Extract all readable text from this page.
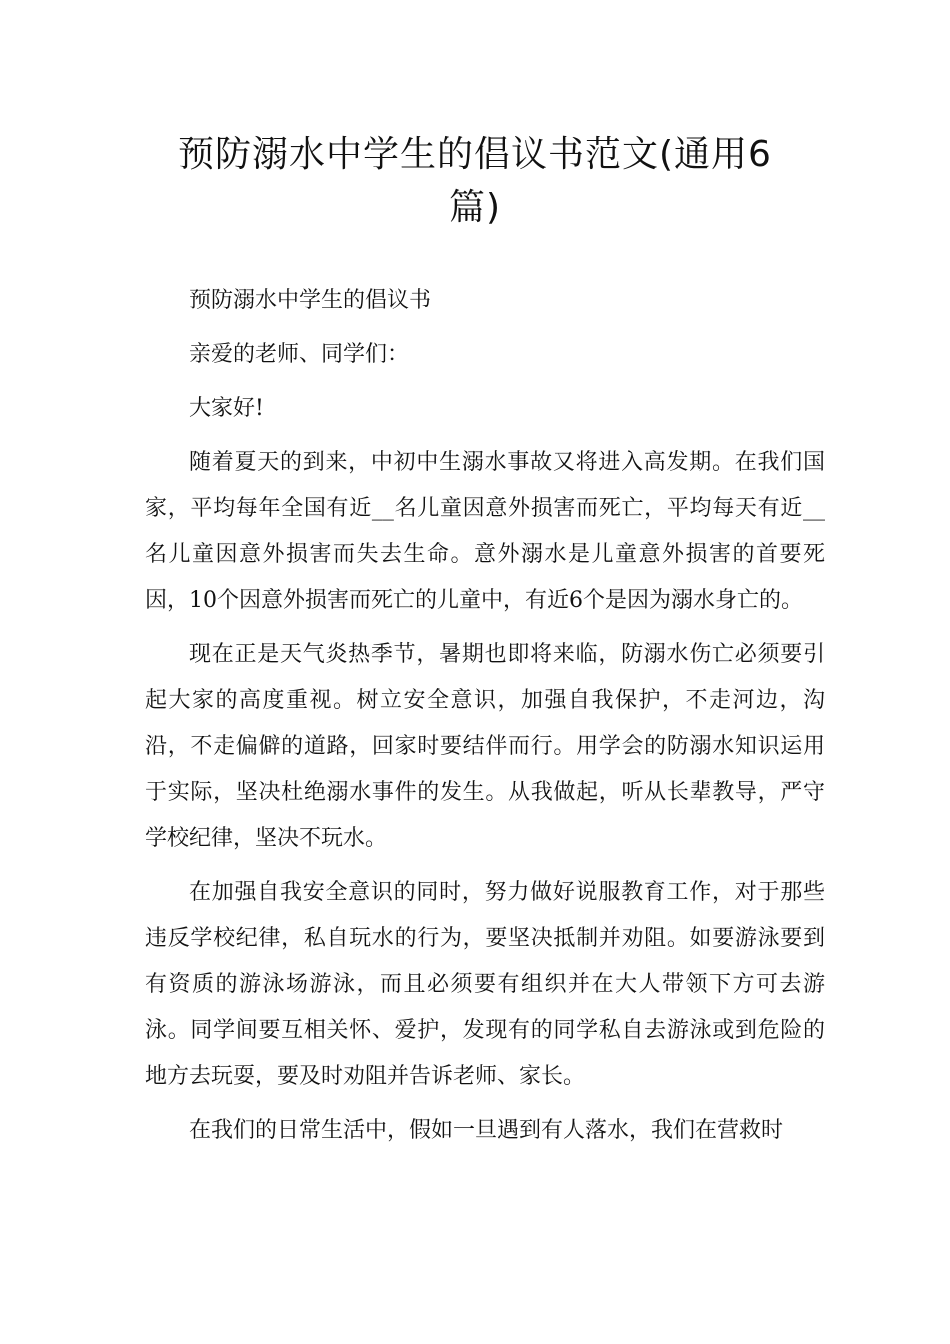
预防溺水中学生的倡议书范文(通用6
篇)

预防溺水中学生的倡议书

亲爱的老师、同学们：

大家好!

随着夏天的到来，中初中生溺水事故又将进入高发期。在我们国家，平均每年全国有近__名儿童因意外损害而死亡，平均每天有近__名儿童因意外损害而失去生命。意外溺水是儿童意外损害的首要死因，10个因意外损害而死亡的儿童中，有近6个是因为溺水身亡的。

现在正是天气炎热季节，暑期也即将来临，防溺水伤亡必须要引起大家的高度重视。树立安全意识，加强自我保护，不走河边，沟沿，不走偏僻的道路，回家时要结伴而行。用学会的防溺水知识运用于实际，坚决杜绝溺水事件的发生。从我做起，听从长辈教导，严守学校纪律，坚决不玩水。

在加强自我安全意识的同时，努力做好说服教育工作，对于那些违反学校纪律，私自玩水的行为，要坚决抵制并劝阻。如要游泳要到有资质的游泳场游泳，而且必须要有组织并在大人带领下方可去游泳。同学间要互相关怀、爱护，发现有的同学私自去游泳或到危险的地方去玩耍，要及时劝阻并告诉老师、家长。

在我们的日常生活中，假如一旦遇到有人落水，我们在营救时
